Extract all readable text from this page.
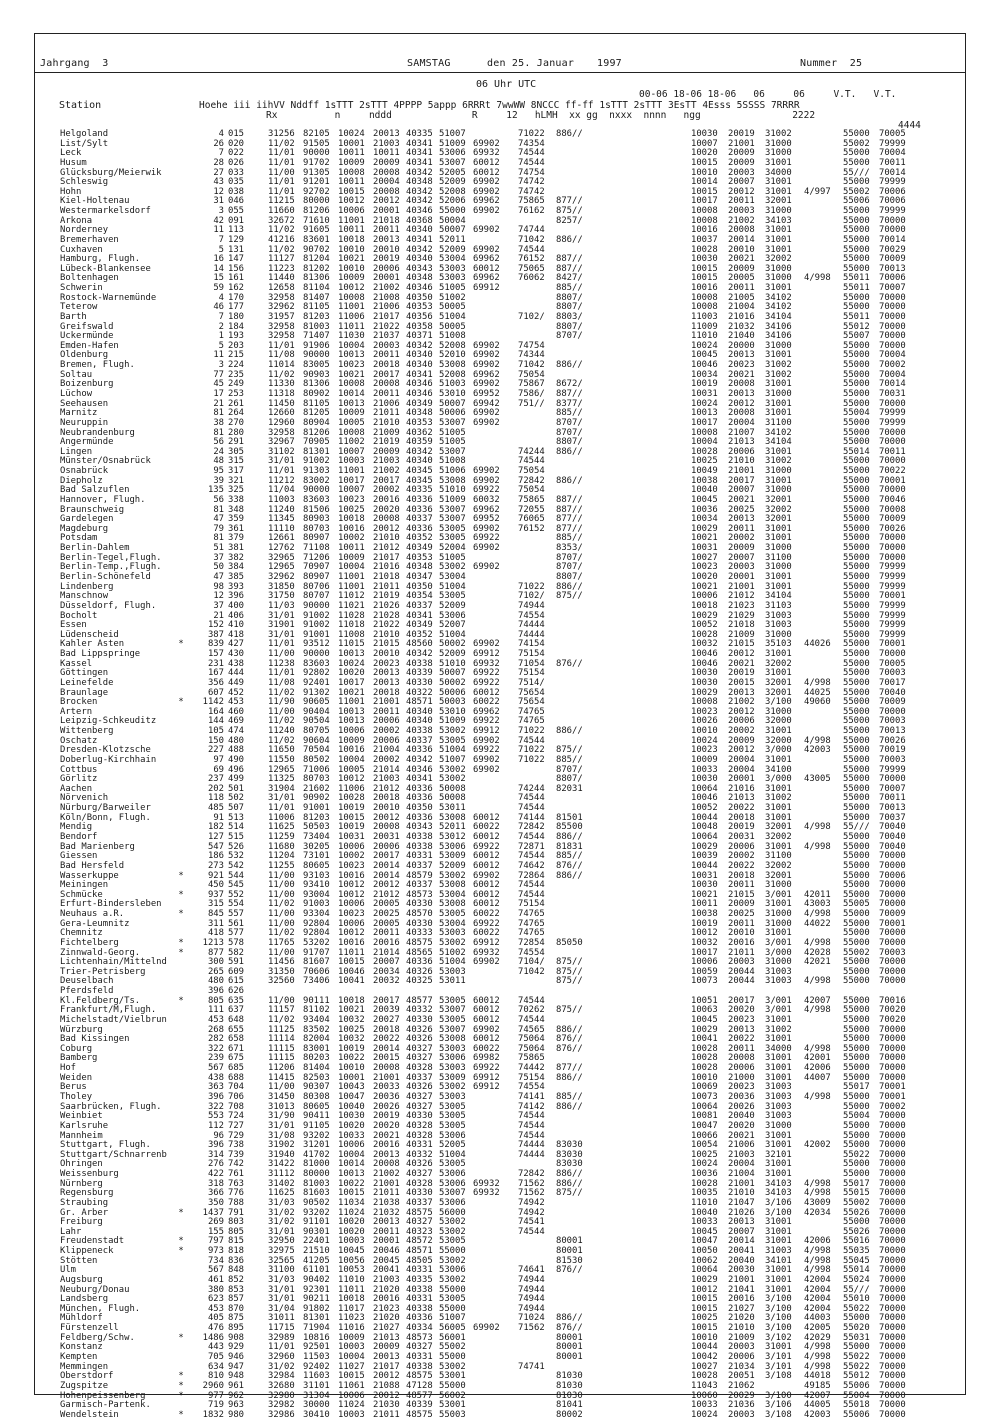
Jahrgang  3	SAMSTAG	den 25. Januar 1997	Nummer  25
06 Uhr UTC
00-06 18-06 18-06   06     06     V.T.   V.T.
Station	Hoehe iii iihVV Nddff 1sTTT 2sTTT 4PPPP 5appp 6RRRt 7wwWW 8NCCC ff-ff 1sTTT 2sTTT 3EsTT 4Esss 5SSSS 7RRRR
Rx          n     nddd              R     12   hLMH  xx gg  nxxx  nnnn   ngg                2222
4444
Helgoland	4 015	31256 82105 10024 20013 40335 51007	71022 886//	10030 20019 31002	55000 70005
List/Sylt	26 020	11/02 91505 10001 21003 40341 51009 69902 74354	10007 21001 31000	55002 79999
Leck	7 022	11/01 90000 10011 10011 40341 53006 69932 74544	10020 20009 31000	55000 70004
Husum	28 026	11/01 91702 10009 20009 40341 53007 60012 74544	10015 20009 31001	55000 70011
Glücksburg/Meierwik	27 033	11/00 91305 10008 20008 40342 52005 60012 74754	10010 20003 34000	55/// 70014
Schleswig	43 035	11/01 91201 10011 20004 40348 52009 69902 74742	10014 20007 31001	55000 79999
Hohn	12 038	11/01 92702 10015 20008 40342 52008 69902 74742	10015 20012 31001 4/997 55002 70006
Kiel-Holtenau	31 046	11215 80000 10012 20012 40342 52006 69962 75865 877//	10017 20011 32001	55006 70006
Westermarkelsdorf	3 055	11660 81206 10006 20001 40346 55000 69902 76162 875//	10008 20003 31000	55000 79999
Arkona	42 091	32672 71610 11001 21018 40368 50004	8257/	10008 21002 34103	55000 70000
Norderney	11 113	11/02 91605 10011 20011 40340 50007 69902 74744	10016 20008 31001	55000 70000
Bremerhaven	7 129	41216 83601 10018 20013 40341 52011	71042 886//	10037 20014 31001	55000 70014
Cuxhaven	5 131	11/02 90702 10010 20010 40342 52009 69902 74544	10028 20010 31001	55000 70029
Hamburg, Flugh.	16 147	11127 81204 10021 20019 40340 53004 69962 76152 887//	10030 20021 32002	55000 70009
Lübeck-Blankensee	14 156	11223 81202 10010 20006 40343 53003 60012 75065 887//	10015 20009 31000	55000 70013
Boltenhagen	15 161	11440 81306 10009 20001 40348 53003 69962 76062 8427/	10015 20005 31000 4/998 55011 70006
Schwerin	59 162	12658 81104 10012 21002 40346 51005 69912	885//	10016 20011 31001	55011 70007
Rostock-Warnemünde	4 170	32958 81407 10008 21008 40350 51002	8807/	10008 21005 34102	55000 70000
Teterow	46 177	32962 81105 11001 21006 40353 50005	8807/	10008 21004 34102	55000 70000
Barth	7 180	31957 81203 11006 21017 40356 51004	7102/ 8803/	11003 21016 34104	55011 70000
Greifswald	2 184	32958 81003 11011 21022 40358 50005	8807/	11009 21032 34106	55012 70000
Ückermünde	1 193	32958 71407 11030 21037 40371 51008	8707/	11010 21040 34106	55007 70000
Emden-Hafen	5 203	11/01 91906 10004 20003 40342 52008 69902 74754	10024 20000 31000	55000 70000
Oldenburg	11 215	11/08 90000 10013 20011 40340 52010 69902 74344	10045 20013 31001	55000 70004
Bremen, Flugh.	3 224	11014 83005 10023 20018 40340 53008 69902 71042 886//	10046 20023 31002	55000 70002
Soltau	77 235	11/02 90903 10021 20017 40341 52008 69962 75054	10034 20021 31002	55000 70004
Boizenburg	45 249	11330 81306 10008 20008 40346 51003 69902 75867 8672/	10019 20008 31001	55000 70014
Lüchow	17 253	11318 80902 10014 20011 40346 53010 69952 7586/ 887//	10031 20013 31000	55000 70031
Seehausen	21 261	11450 81105 10013 21006 40349 50007 69942 751// 8377/	10024 20012 31001	55000 70000
Marnitz	81 264	12660 81205 10009 21011 40348 50006 69902	885//	10013 20008 31001	55004 79999
Neuruppin	38 270	12960 80904 10005 21010 40353 53007 69902	8707/	10017 20004 31100	55000 79999
Neubrandenburg	81 280	32958 81206 10008 21009 40362 51005	8707/	10008 21007 34102	55000 70000
Angermünde	56 291	32967 70905 11002 21019 40359 51005	8807/	10004 21013 34104	55000 70000
Lingen	24 305	31102 81301 10007 20009 40342 53007	74244 886//	10028 20006 31001	55014 70011
Münster/Osnabrück	48 315	31/01 91002 10003 21003 40340 51008	74544	10025 21010 31002	55000 70000
Osnabrück	95 317	11/01 91303 11001 21002 40345 51006 69902 75054	10049 21001 31000	55000 70022
Diepholz	39 321	11212 83002 10017 20017 40345 53008 69902 72842 886//	10038 20017 31001	55000 70001
Bad Salzuflen	135 325	11/04 90000 10007 20002 40335 51010 69922 75054	10040 20007 31000	55000 70000
Hannover, Flugh.	56 338	11003 83603 10023 20016 40336 51009 60032 75865 887//	10045 20021 32001	55000 70046
Braunschweig	81 348	11240 81506 10025 20020 40336 53007 69962 72055 887//	10036 20025 32002	55000 70008
Gardelegen	47 359	11345 80903 10018 20008 40337 53007 69952 76065 877//	10034 20013 32001	55000 70009
Magdeburg	79 361	11110 80703 10016 20012 40336 53005 69902 76152 877//	10029 20011 31001	55000 70026
Potsdam	81 379	12661 80907 10002 21010 40352 53005 69922	885//	10021 20002 31001	55000 70000
Berlin-Dahlem	51 381	12762 71108 10011 21012 40349 52004 69902	8353/	10031 20009 31000	55000 70000
Berlin-Tegel,Flugh.	37 382	32965 71206 10009 21017 40353 51005	8707/	10027 20007 31100	55000 70000
Berlin-Temp.,Flugh.	50 384	12965 70907 10004 21016 40348 53002 69902	8707/	10023 20003 31000	55000 79999
Berlin-Schönefeld	47 385	32962 80907 11001 21018 40347 53004	8807/	10020 20001 31001	55000 79999
Lindenberg	98 393	31850 80706 11001 21011 40350 51004	71022 886//	10021 21001 31001	55000 79999
Manschnow	12 396	31750 80707 11012 21019 40354 53005	7102/ 875//	10006 21012 34104	55000 70001
Düsseldorf, Flugh.	37 400	11/03 90000 11021 21026 40337 52009	74944	10018 21023 31103	55000 79999
Bocholt	21 406	31/01 91002 11028 21028 40341 53006	74554	10029 21029 31003	55000 79999
Essen	152 410	31901 91002 11018 21022 40349 52007	74444	10052 21018 31003	55000 79999
Lüdenscheid	387 418	31/01 91001 11008 21010 40352 51004	74444	10028 21009 31000	55000 79999
Kahler Asten	*	839 427	11/01 93512 11015 21015 48560 50002 69902 74154	10032 21015 35103 44026 55000 70001
Bad Lippspringe	157 430	11/00 90000 10013 20010 40342 52009 69912 75154	10046 20012 31001	55000 70000
Kassel	231 438	11238 83603 10024 20023 40338 51010 69932 71054 876//	10046 20021 32002	55000 70005
Göttingen	167 444	11/01 92802 10020 20013 40339 50007 69922 75154	10030 20019 31001	55000 70003
Leinefelde	356 449	11/08 92401 10017 20013 40330 50002 69922 7514/	10030 20015 32001 4/998 55000 70017
Braunlage	607 452	11/02 91302 10021 20018 40322 50006 60012 75654	10029 20013 32001 44025 55000 70040
Brocken	*	1142 453	11/90 90605 11001 21001 48571 50003 60022 75654	10008 21002 3/100 49060 55000 70009
Artern	164 460	11/00 90404 10013 20011 40340 53010 69962 74765	10023 20012 31000	55000 70000
Leipzig-Schkeuditz	144 469	11/02 90504 10013 20006 40340 51009 69922 74765	10026 20006 32000	55000 70003
Wittenberg	105 474	11240 80705 10006 20002 40338 53002 69912 71022 886//	10010 20002 31001	55000 70013
Oschatz	150 480	11/02 90604 10009 20006 40337 53005 69902 74544	10024 20009 32000 4/998 55000 70026
Dresden-Klotzsche	227 488	11650 70504 10016 21004 40336 51004 69922 71022 875//	10023 20012 3/000 42003 55000 70019
Doberlug-Kirchhain	97 490	11550 80502 10004 20002 40342 51007 69902 71022 885//	10009 20004 31001	55000 70003
Cottbus	69 496	12965 71006 10005 21014 40346 53002 69902	8707/	10033 20004 34100	55000 79999
Görlitz	237 499	11325 80703 10012 21003 40341 53002	8807/	10030 20001 3/000 43005 55000 70000
Aachen	202 501	31904 21602 11006 21012 40336 50008	74244 82031	10064 21016 31001	55000 70007
Nörvenich	118 502	31/01 90902 10028 20018 40336 50008	74544	10046 21013 31002	55000 70011
Nürburg/Barweiler	485 507	11/01 91001 10019 20010 40350 53011	74544	10052 20022 31001	55000 70013
Köln/Bonn, Flugh.	91 513	11006 81203 10015 20012 40336 53008 60012 74144 81501	10044 20018 31001	55000 70037
Mendig	182 514	11625 50503 10019 20008 40343 52011 60022 72842 85500	10048 20019 32001 4/998 55/// 70040
Bendorf	127 515	11259 73404 10031 20031 40338 53012 60012 74544 886//	10064 20031 32002	55000 70040
Bad Marienberg	547 526	11680 30205 10006 20006 40338 53006 69922 72871 81831	10029 20006 31001 4/998 55000 70040
Giessen	186 532	11204 73101 10002 20017 40331 53009 60012 74544 885//	10039 20002 31100	55000 70000
Bad Hersfeld	273 542	11255 80605 10023 20014 40337 52009 60012 74642 876//	10044 20022 32002	55000 70000
Wasserkuppe	*	921 544	11/00 93103 10016 20014 48579 53002 69902 72864 886//	10031 20018 32001	55000 70006
Meiningen	450 545	11/00 93410 10012 20012 40337 53008 60012 74544	10030 20011 31000	55000 70000
Schmücke	*	937 552	11/00 93004 10012 21012 48573 53004 60012 74544	10021 21015 3/001 42011 55000 70000
Erfurt-Bindersleben	315 554	11/02 91003 10006 20005 40330 53008 60012 75154	10011 20009 31001 43003 55005 70000
Neuhaus a.R.	*	845 557	11/00 93304 10023 20025 48570 53005 60022 74765	10038 20025 31000 4/998 55000 70009
Gera-Leumnitz	311 561	11/00 92804 10006 20005 40330 53004 69922 74765	10019 20011 31000 44022 55000 70001
Chemnitz	418 577	11/02 92804 10012 20011 40333 53003 60022 74765	10012 20010 31001	55000 70000
Fichtelberg	*	1213 578	11765 53202 10016 20016 48575 53002 69912 72854 85050	10032 20016 3/001 4/998 55000 70000
Zinnwald-Georg.	*	877 582	11/00 91707 11011 21014 48565 51002 69932 74554	10017 21011 3/000 42028 55002 70003
Lichtenhain/Mittelnd	300 591	11456 81607 10015 20007 40336 51004 69902 7104/ 875//	10006 20003 31000 42021 55000 70000
Trier-Petrisberg	265 609	31350 70606 10046 20034 40326 53003	71042 875//	10059 20044 31003	55000 70000
Deuselbach	480 615	32560 73406 10041 20032 40325 53011	875//	10073 20044 31003 4/998 55000 70000
Pferdsfeld	396 626
Kl.Feldberg/Ts.	*	805 635	11/00 90111 10018 20017 48577 53005 60012 74544	10051 20017 3/001 42007 55000 70016
Frankfurt/M,Flugh.	111 637	11157 81102 10021 20039 40332 53007 60012 70262 875//	10063 20020 3/001 4/998 55000 70020
Michelstadt/Vielbrun	453 648	11/02 93404 10032 20027 40330 53005 60012 74544	10045 20023 31001	55000 70020
Würzburg	268 655	11125 83502 10025 20018 40326 53007 69902 74565 886//	10029 20013 31002	55000 70000
Bad Kissingen	282 658	11114 82004 10032 20022 40326 53008 60012 75064 876//	10041 20022 31001	55000 70000
Coburg	322 671	11115 83001 10019 20014 40327 53003 60022 75064 876//	10028 20011 34000 4/998 55000 70000
Bamberg	239 675	11115 80203 10022 20015 40327 53006 69982 75865	10028 20008 31001 42001 55000 70000
Hof	567 685	11206 81404 10010 20008 40328 53003 69922 74442 877//	10028 20006 31001 42006 55000 70000
Weiden	438 688	11415 82503 10001 21001 40337 53009 69912 75154 886//	10010 21000 31001 44007 55000 70000
Berus	363 704	11/00 90307 10043 20033 40326 53002 69912 74554	10069 20023 31003	55017 70001
Tholey	396 706	31450 80308 10047 20036 40327 53003	74141 885//	10073 20036 31003 4/998 55000 70001
Saarbrücken, Flugh.	322 708	31013 80605 10040 20026 40327 53005	74142 886//	10064 20026 31003	55000 70002
Weinbiet	553 724	31/90 90411 10030 20019 40330 53005	74544	10081 20040 31003	55004 70000
Karlsruhe	112 727	31/01 91105 10020 20020 40328 53005	74544	10047 20020 31000	55000 70000
Mannheim	96 729	31/08 93202 10033 20021 40328 53006	74544	10066 20021 31001	55000 70000
Stuttgart, Flugh.	396 738	31902 31201 10006 20016 40331 52005	74444 83030	10054 21006 31001 42002 55000 70000
Stuttgart/Schnarrenb	314 739	31940 41702 10004 20013 40332 51004	74444 83030	10025 21003 32101	55022 70000
Öhringen	276 742	31422 81000 10014 20008 40326 53005	83030	10024 20004 31001	55000 70000
Weissenburg	422 761	31112 80000 10013 21002 40327 53006	72842 886//	10036 21004 31001	55000 70000
Nürnberg	318 763	31402 81003 10022 21001 40328 53006 69932 71562 886//	10028 21001 34103 4/998 55017 70000
Regensburg	366 776	11625 81603 10015 21011 40330 53007 69932 71562 875//	10035 21010 34103 4/998 55015 70000
Straubing	350 788	31/03 90502 11034 21038 40337 53006	74942	11010 21047 3/106 43009 55002 70000
Gr. Arber	*	1437 791	31/02 93202 11024 21032 48575 56000	74942	10040 21026 3/100 42034 55026 70000
Freiburg	269 803	31/02 91101 10020 20013 40327 53002	74541	10033 20013 31001	55000 70000
Lahr	155 805	31/01 90301 10020 20011 40323 53002	74544	10045 20007 31001	55026 70000
Freudenstadt	*	797 815	32950 22401 10003 20001 48572 53005	80001	10047 20014 31001 42006 55016 70000
Klippeneck	*	973 818	32975 21510 10045 20046 48571 55000	80001	10050 20041 31003 4/998 55035 70000
Stötten	734 836	32565 41205 10056 20045 48505 53002	81530	10062 20040 34101 4/998 55045 70000
Ulm	567 848	31100 61101 10053 20041 40331 53006	74641 876//	10064 20030 31001 4/998 55014 70000
Augsburg	461 852	31/03 90402 11010 21003 40335 53002	74944	10029 21001 31001 42004 55024 70000
Neuburg/Donau	380 853	31/01 92301 11011 21020 40338 55000	74944	10012 21041 31001 42004 55/// 70000
Landsberg	623 857	31/01 90211 10018 20016 40331 53005	74944	10015 20016 3/100 42004 55010 70000
München, Flugh.	453 870	31/04 91802 11017 21023 40338 55000	74944	10015 21027 3/100 42004 55022 70000
Mühldorf	405 875	31011 81301 11023 21020 40336 51007	71024 886//	10025 21020 3/100 44003 55000 70000
Fürstenzell	476 895	11715 71904 11016 21027 40334 56005 69902 71562 876//	10015 21010 3/100 42005 55020 70000
Feldberg/Schw.	*	1486 908	32989 10816 10009 21013 48573 56001	80001	10010 21009 3/102 42029 55031 70000
Konstanz	443 929	11/01 92501 10003 20009 40327 55002	80001	10044 20003 31001 4/998 55000 70000
Kempten	705 946	32960 11503 10004 20013 40331 55000	80001	10042 20006 3/101 4/998 55022 70000
Memmingen	634 947	31/02 92402 11027 21017 40338 53002	74741	10027 21034 3/101 4/998 55022 70000
Oberstdorf	*	810 948	32984 11603 10015 20012 48575 53001	81030	10028 20051 3/108 44018 55012 70000
Zugspitze	*	2960 961	32680 31101 11061 21088 47128 55000	81030	11043 21062	49185 55006 70000
Hohenpeissenberg	*	977 962	32980 31304 10006 20012 48577 56002	81030	10060 20029 3/100 42007 55004 70000
Garmisch-Partenk.	719 963	32982 30000 11024 21030 40339 53001	81041	10033 21036 3/106 44005 55018 70000
Wendelstein	*	1832 980	32986 30410 10003 21011 48575 55003	80002	10024 20003 3/108 42003 55006 70000
